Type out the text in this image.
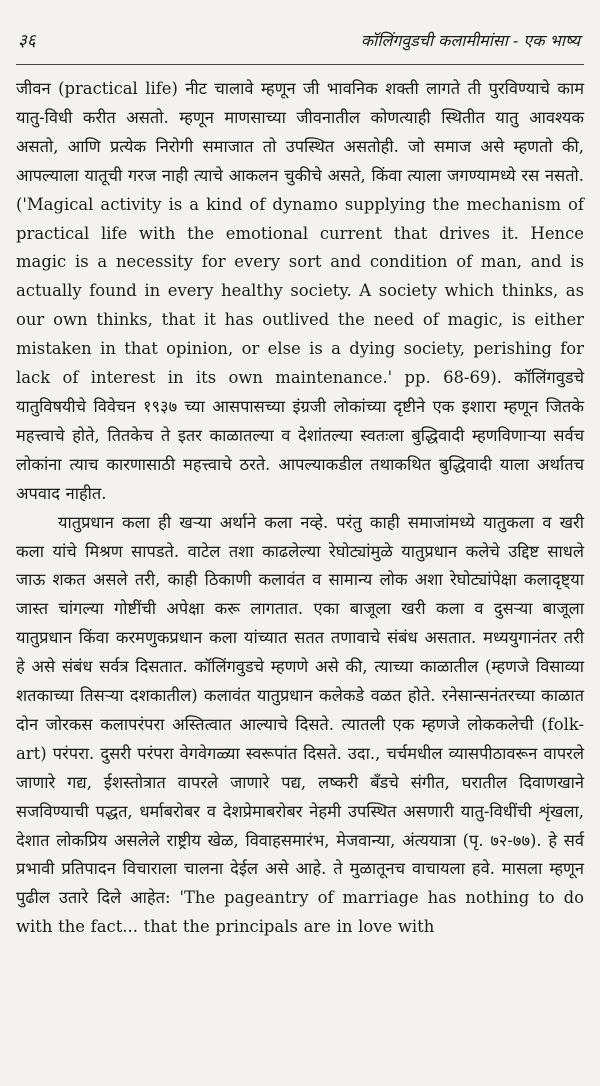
३६	कॉलिंगवुडची कलामीमांसा - एक भाष्य

जीवन (practical life) नीट चालावे म्हणून जी भावनिक शक्ती लागते ती पुरविण्याचे काम यातु-विधी करीत असतो. म्हणून माणसाच्या जीवनातील कोणत्याही स्थितीत यातु आवश्यक असतो, आणि प्रत्येक निरोगी समाजात तो उपस्थित असतोही. जो समाज असे म्हणतो की, आपल्याला यातूची गरज नाही त्याचे आकलन चुकीचे असते, किंवा त्याला जगण्यामध्ये रस नसतो. ('Magical activity is a kind of dynamo supplying the mechanism of practical life with the emotional current that drives it. Hence magic is a necessity for every sort and condition of man, and is actually found in every healthy society. A society which thinks, as our own thinks, that it has outlived the need of magic, is either mistaken in that opinion, or else is a dying society, perishing for lack of interest in its own maintenance.' pp. 68-69). कॉलिंगवुडचे यातुविषयीचे विवेचन १९३७ च्या आसपासच्या इंग्रजी लोकांच्या दृष्टीने एक इशारा म्हणून जितके महत्त्वाचे होते, तितकेच ते इतर काळातल्या व देशांतल्या स्वतःला बुद्धिवादी म्हणविणाऱ्या सर्वच लोकांना त्याच कारणासाठी महत्त्वाचे ठरते. आपल्याकडील तथाकथित बुद्धिवादी याला अर्थातच अपवाद नाहीत.

यातुप्रधान कला ही खऱ्या अर्थाने कला नव्हे. परंतु काही समाजांमध्ये यातुकला व खरी कला यांचे मिश्रण सापडते. वाटेल तशा काढलेल्या रेघोट्यांमुळे यातुप्रधान कलेचे उद्दिष्ट साधले जाऊ शकत असले तरी, काही ठिकाणी कलावंत व सामान्य लोक अशा रेघोट्यांपेक्षा कलादृष्ट्या जास्त चांगल्या गोष्टींची अपेक्षा करू लागतात. एका बाजूला खरी कला व दुसऱ्या बाजूला यातुप्रधान किंवा करमणुकप्रधान कला यांच्यात सतत तणावाचे संबंध असतात. मध्ययुगानंतर तरी हे असे संबंध सर्वत्र दिसतात. कॉलिंगवुडचे म्हणणे असे की, त्याच्या काळातील (म्हणजे विसाव्या शतकाच्या तिसऱ्या दशकातील) कलावंत यातुप्रधान कलेकडे वळत होते. रनेसान्सनंतरच्या काळात दोन जोरकस कलापरंपरा अस्तित्वात आल्याचे दिसते. त्यातली एक म्हणजे लोककलेची (folk-art) परंपरा. दुसरी परंपरा वेगवेगळ्या स्वरूपांत दिसते. उदा., चर्चमधील व्यासपीठावरून वापरले जाणारे गद्य, ईशस्तोत्रात वापरले जाणारे पद्य, लष्करी बँडचे संगीत, घरातील दिवाणखाने सजविण्याची पद्धत, धर्माबरोबर व देशप्रेमाबरोबर नेहमी उपस्थित असणारी यातु-विधींची शृंखला, देशात लोकप्रिय असलेले राष्ट्रीय खेळ, विवाहसमारंभ, मेजवान्या, अंत्ययात्रा (पृ. ७२-७७). हे सर्व प्रभावी प्रतिपादन विचाराला चालना देईल असे आहे. ते मुळातूनच वाचायला हवे. मासला म्हणून पुढील उतारे दिले आहेत: 'The pageantry of marriage has nothing to do with the fact... that the principals are in love with
